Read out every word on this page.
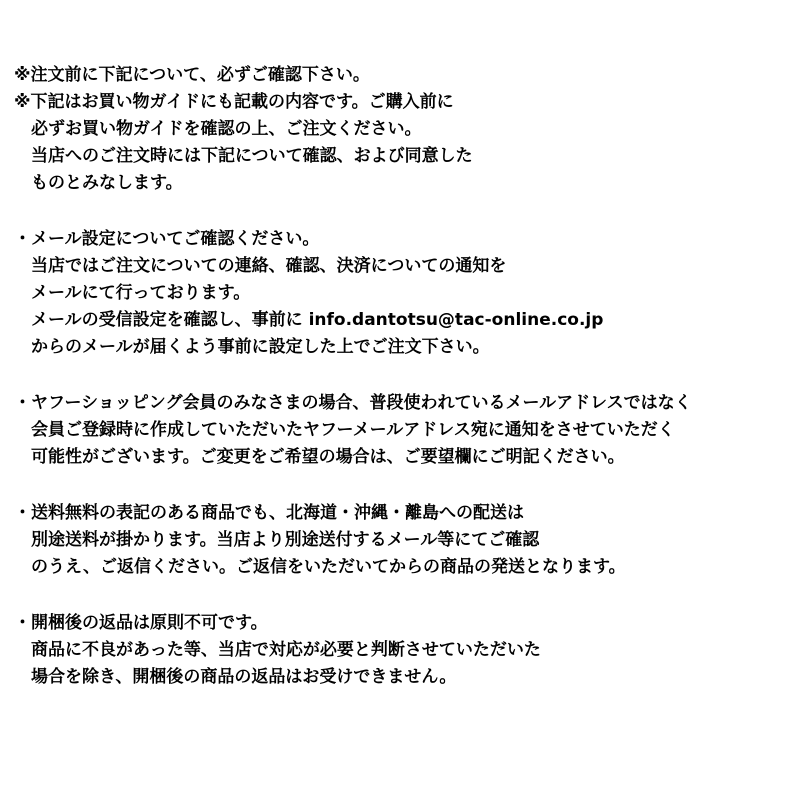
※注文前に下記について、必ずご確認下さい。
※下記はお買い物ガイドにも記載の内容です。ご購入前に
必ずお買い物ガイドを確認の上、ご注文ください。
当店へのご注文時には下記について確認、および同意した
ものとみなします。
・メール設定についてご確認ください。
当店ではご注文についての連絡、確認、決済についての通知を
メールにて行っております。
メールの受信設定を確認し、事前に info.dantotsu@tac-online.co.jp
からのメールが届くよう事前に設定した上でご注文下さい。
・ヤフーショッピング会員のみなさまの場合、普段使われているメールアドレスではなく
会員ご登録時に作成していただいたヤフーメールアドレス宛に通知をさせていただく
可能性がございます。ご変更をご希望の場合は、ご要望欄にご明記ください。
・送料無料の表記のある商品でも、北海道・沖縄・離島への配送は
別途送料が掛かります。当店より別途送付するメール等にてご確認
のうえ、ご返信ください。ご返信をいただいてからの商品の発送となります。
・開梱後の返品は原則不可です。
商品に不良があった等、当店で対応が必要と判断させていただいた
場合を除き、開梱後の商品の返品はお受けできません。
